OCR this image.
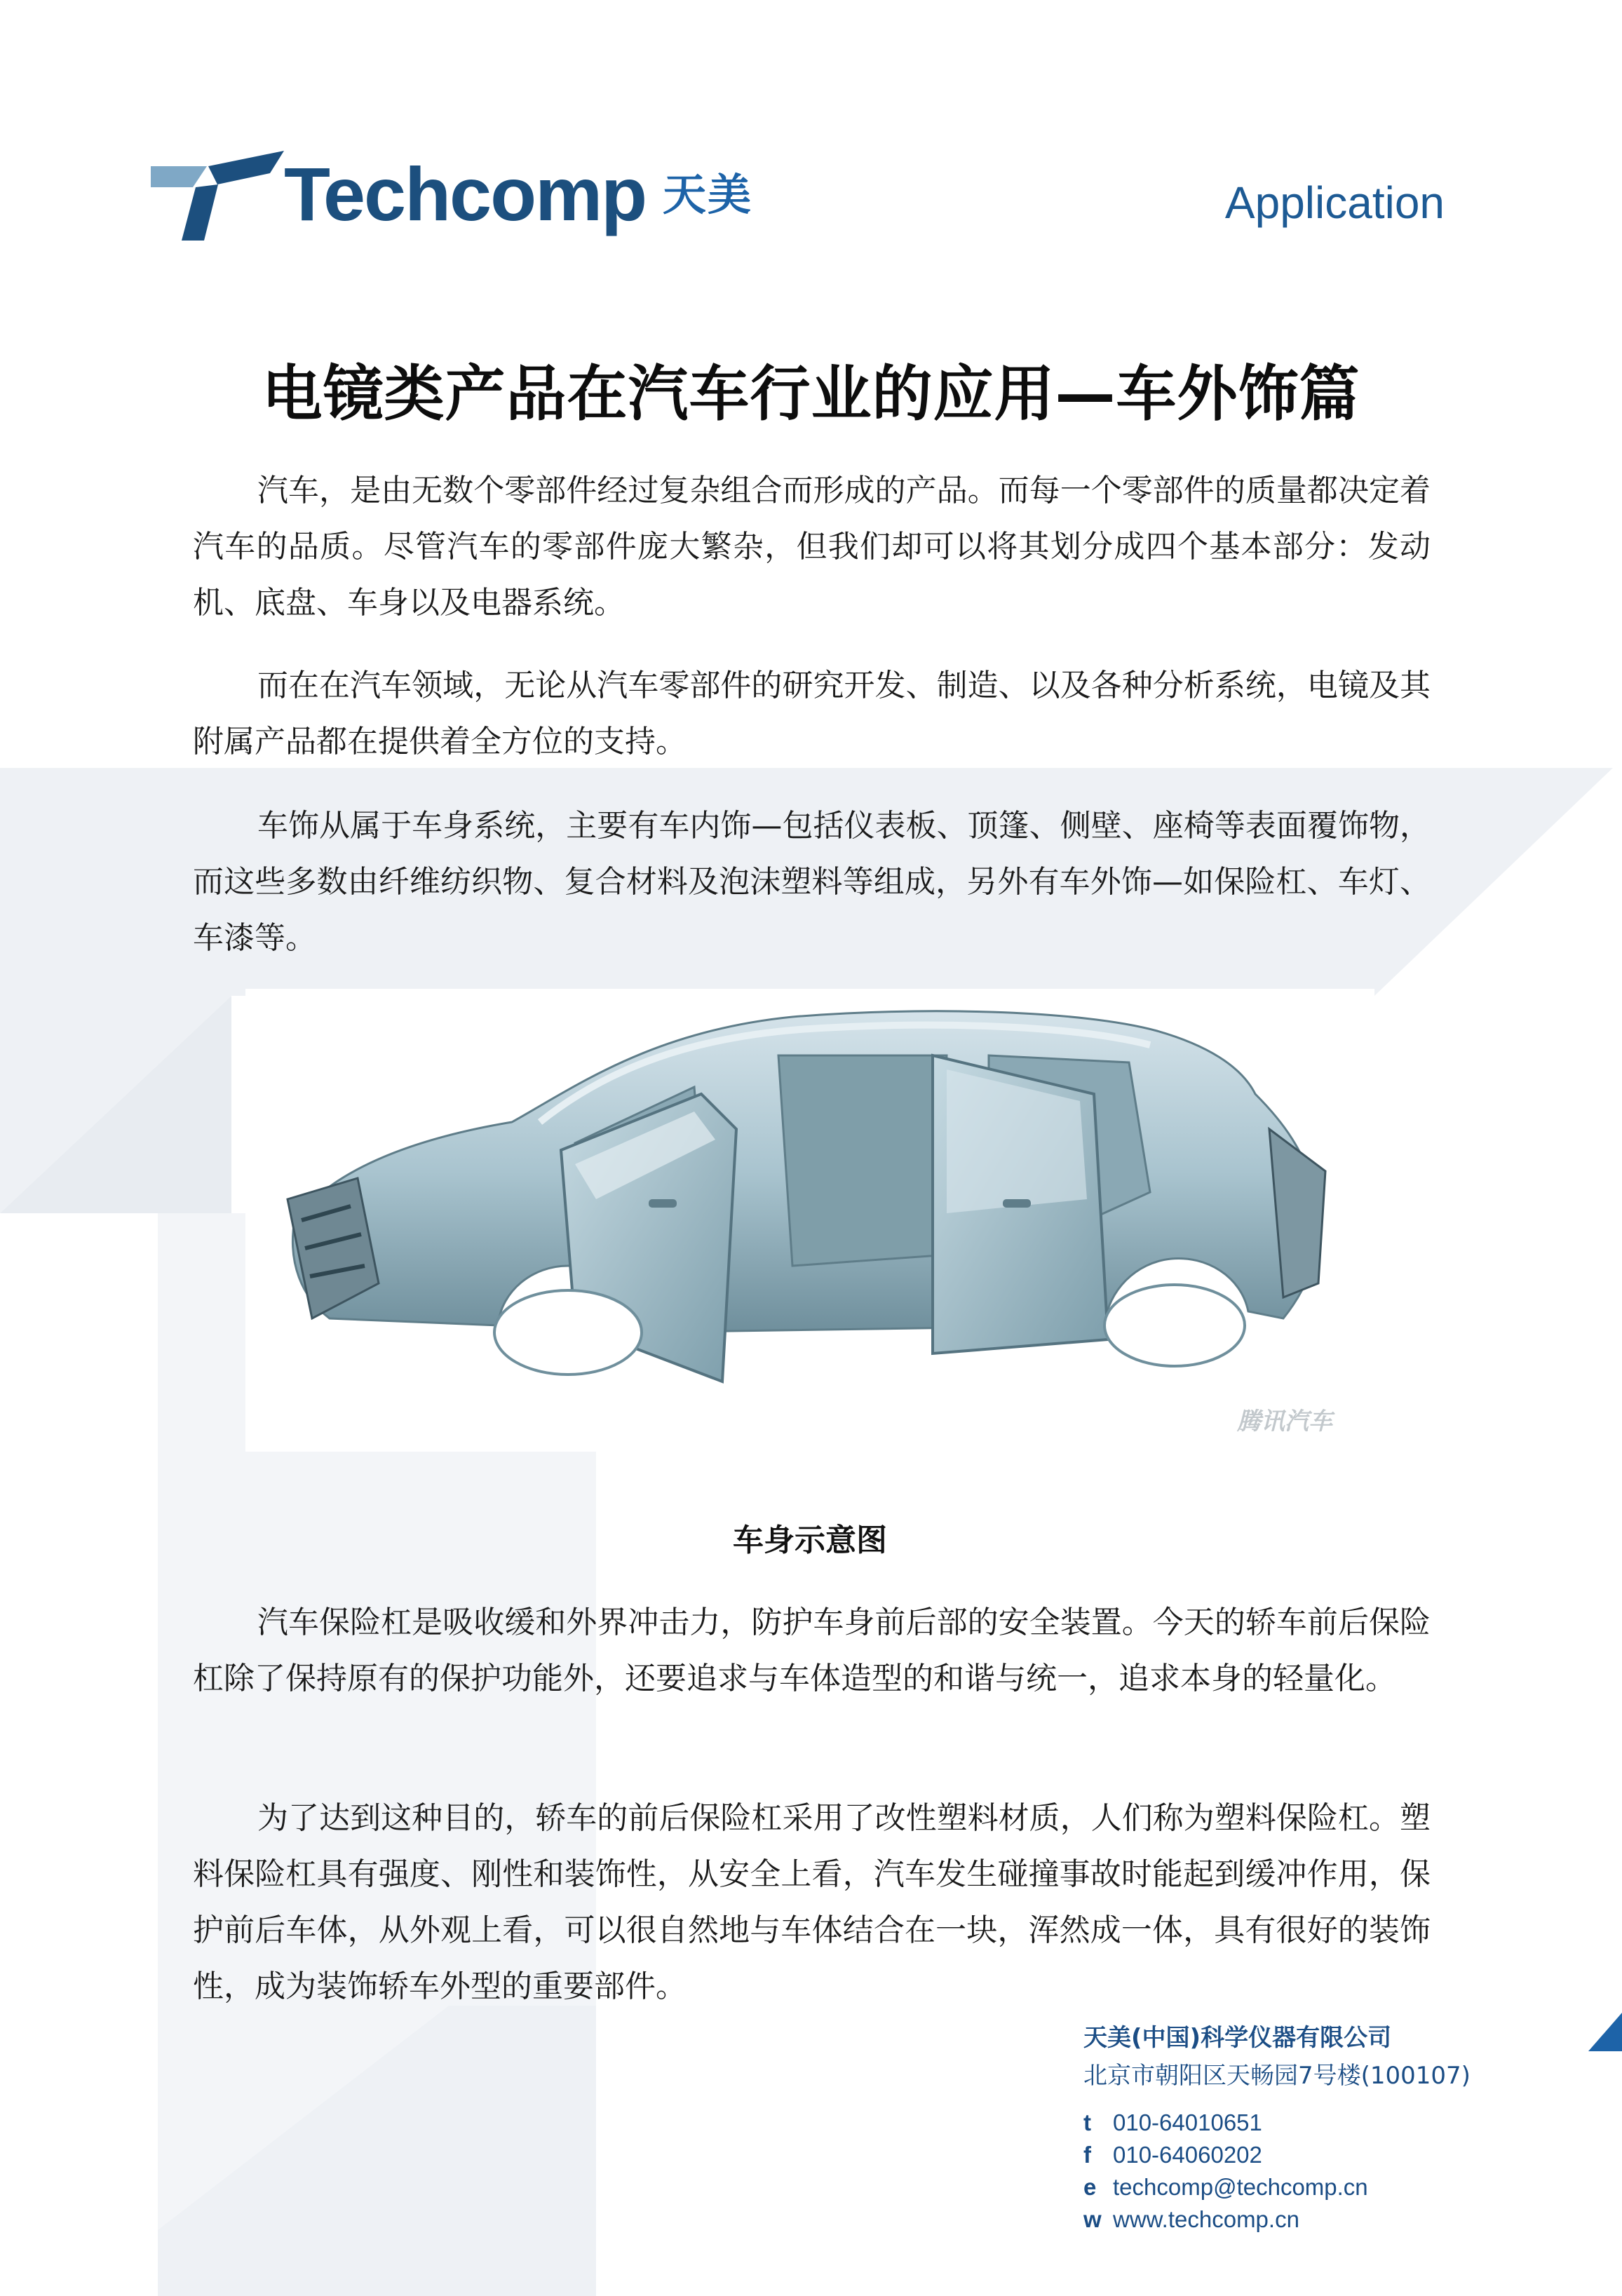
Techcomp 天美	Application
电镜类产品在汽车行业的应用—车外饰篇

汽车，是由无数个零部件经过复杂组合而形成的产品。而每一个零部件的质量都决定着汽车的品质。尽管汽车的零部件庞大繁杂，但我们却可以将其划分成四个基本部分：发动机、底盘、车身以及电器系统。

而在在汽车领域，无论从汽车零部件的研究开发、制造、以及各种分析系统，电镜及其附属产品都在提供着全方位的支持。

车饰从属于车身系统，主要有车内饰—包括仪表板、顶篷、侧壁、座椅等表面覆饰物，而这些多数由纤维纺织物、复合材料及泡沫塑料等组成，另外有车外饰—如保险杠、车灯、车漆等。

腾讯汽车
车身示意图

汽车保险杠是吸收缓和外界冲击力，防护车身前后部的安全装置。今天的轿车前后保险杠除了保持原有的保护功能外，还要追求与车体造型的和谐与统一，追求本身的轻量化。

为了达到这种目的，轿车的前后保险杠采用了改性塑料材质，人们称为塑料保险杠。塑料保险杠具有强度、刚性和装饰性，从安全上看，汽车发生碰撞事故时能起到缓冲作用，保护前后车体，从外观上看，可以很自然地与车体结合在一块，浑然成一体，具有很好的装饰性，成为装饰轿车外型的重要部件。

天美(中国)科学仪器有限公司
北京市朝阳区天畅园7号楼(100107)
t 010-64010651
f 010-64060202
e techcomp@techcomp.cn
w www.techcomp.cn
